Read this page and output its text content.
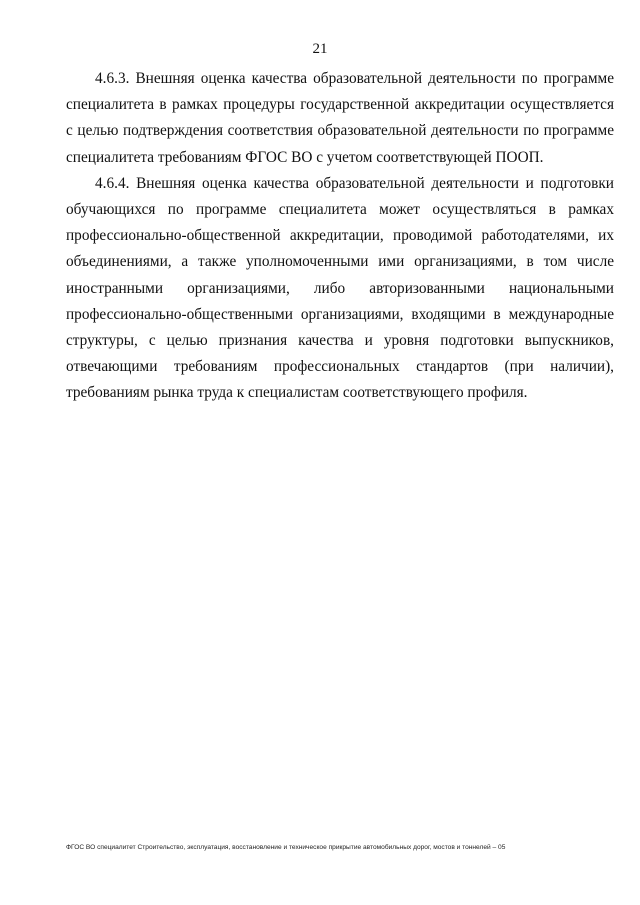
21

4.6.3. Внешняя оценка качества образовательной деятельности по программе специалитета в рамках процедуры государственной аккредитации осуществляется с целью подтверждения соответствия образовательной деятельности по программе специалитета требованиям ФГОС ВО с учетом соответствующей ПООП.

4.6.4. Внешняя оценка качества образовательной деятельности и подготовки обучающихся по программе специалитета может осуществляться в рамках профессионально-общественной аккредитации, проводимой работодателями, их объединениями, а также уполномоченными ими организациями, в том числе иностранными организациями, либо авторизованными национальными профессионально-общественными организациями, входящими в международные структуры, с целью признания качества и уровня подготовки выпускников, отвечающими требованиям профессиональных стандартов (при наличии), требованиям рынка труда к специалистам соответствующего профиля.

ФГОС ВО специалитет Строительство, эксплуатация, восстановление и техническое прикрытие автомобильных дорог, мостов и тоннелей – 05
